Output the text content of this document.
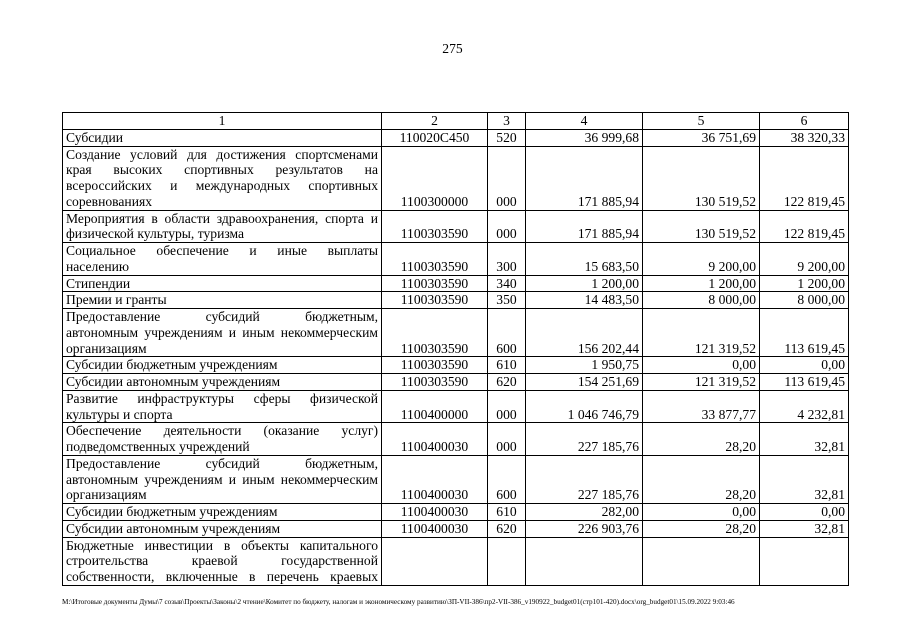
275
1	2	3	4	5	6

Субсидии	110020C450	520	36 999,68	36 751,69	38 320,33

Создание условий для достижения спортсменами
края высоких спортивных результатов на
всероссийских и международных спортивных
соревнованиях	1100300000	000	171 885,94	130 519,52	122 819,45

Мероприятия в области здравоохранения, спорта и
физической культуры, туризма	1100303590	000	171 885,94	130 519,52	122 819,45

Социальное обеспечение и иные выплаты
населению	1100303590	300	15 683,50	9 200,00	9 200,00

Стипендии	1100303590	340	1 200,00	1 200,00	1 200,00

Премии и гранты	1100303590	350	14 483,50	8 000,00	8 000,00

Предоставление субсидий бюджетным,
автономным учреждениям и иным некоммерческим
организациям	1100303590	600	156 202,44	121 319,52	113 619,45

Субсидии бюджетным учреждениям	1100303590	610	1 950,75	0,00	0,00

Субсидии автономным учреждениям	1100303590	620	154 251,69	121 319,52	113 619,45

Развитие инфраструктуры сферы физической
культуры и спорта	1100400000	000	1 046 746,79	33 877,77	4 232,81

Обеспечение деятельности (оказание услуг)
подведомственных учреждений	1100400030	000	227 185,76	28,20	32,81

Предоставление субсидий бюджетным,
автономным учреждениям и иным некоммерческим
организациям	1100400030	600	227 185,76	28,20	32,81

Субсидии бюджетным учреждениям	1100400030	610	282,00	0,00	0,00

Субсидии автономным учреждениям	1100400030	620	226 903,76	28,20	32,81

Бюджетные инвестиции в объекты капитального
строительства краевой государственной
собственности, включенные в перечень краевых					

M:\Итоговые документы Думы\7 созыв\Проекты\Законы\2 чтение\Комитет по бюджету, налогам и экономическому развитию\ЗП-VII-386\пр2-VII-386_v190922_budget01(стр101-420).docx\org_budget01\15.09.2022 9:03:46
